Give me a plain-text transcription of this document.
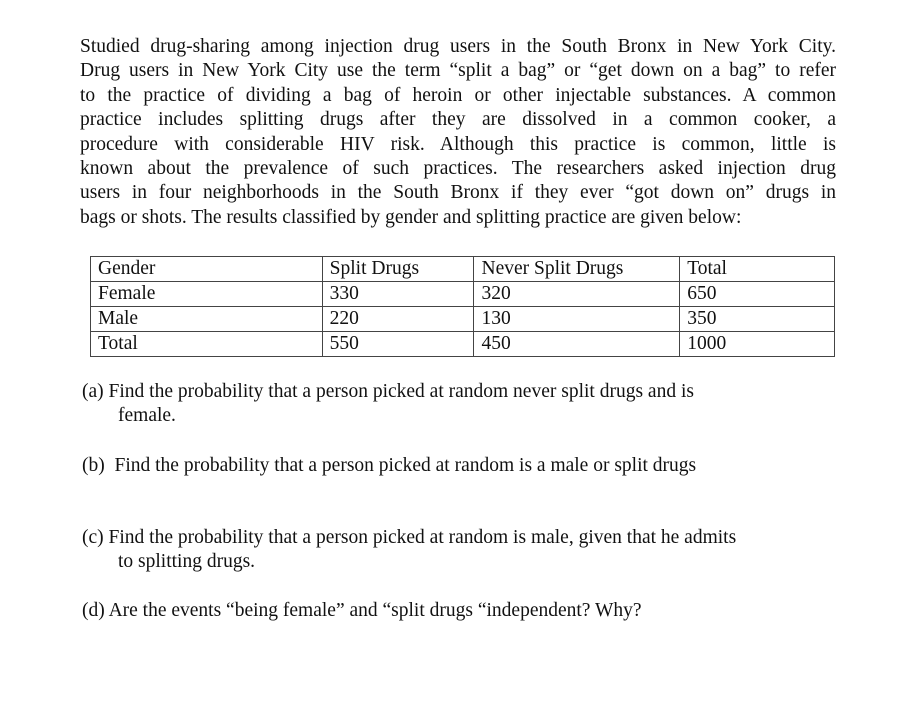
Studied drug-sharing among injection drug users in the South Bronx in New York City.
Drug users in New York City use the term “split a bag” or “get down on a bag” to refer
to the practice of dividing a bag of heroin or other injectable substances. A common
practice includes splitting drugs after they are dissolved in a common cooker, a
procedure with considerable HIV risk. Although this practice is common, little is
known about the prevalence of such practices. The researchers asked injection drug
users in four neighborhoods in the South Bronx if they ever “got down on” drugs in
bags or shots. The results classified by gender and splitting practice are given below:
Gender	Split Drugs	Never Split Drugs	Total
Female	330	320	650
Male	220	130	350
Total	550	450	1000
(a) Find the probability that a person picked at random never split drugs and is
female.
(b) Find the probability that a person picked at random is a male or split drugs
(c) Find the probability that a person picked at random is male, given that he admits
to splitting drugs.
(d) Are the events “being female” and “split drugs “independent? Why?
